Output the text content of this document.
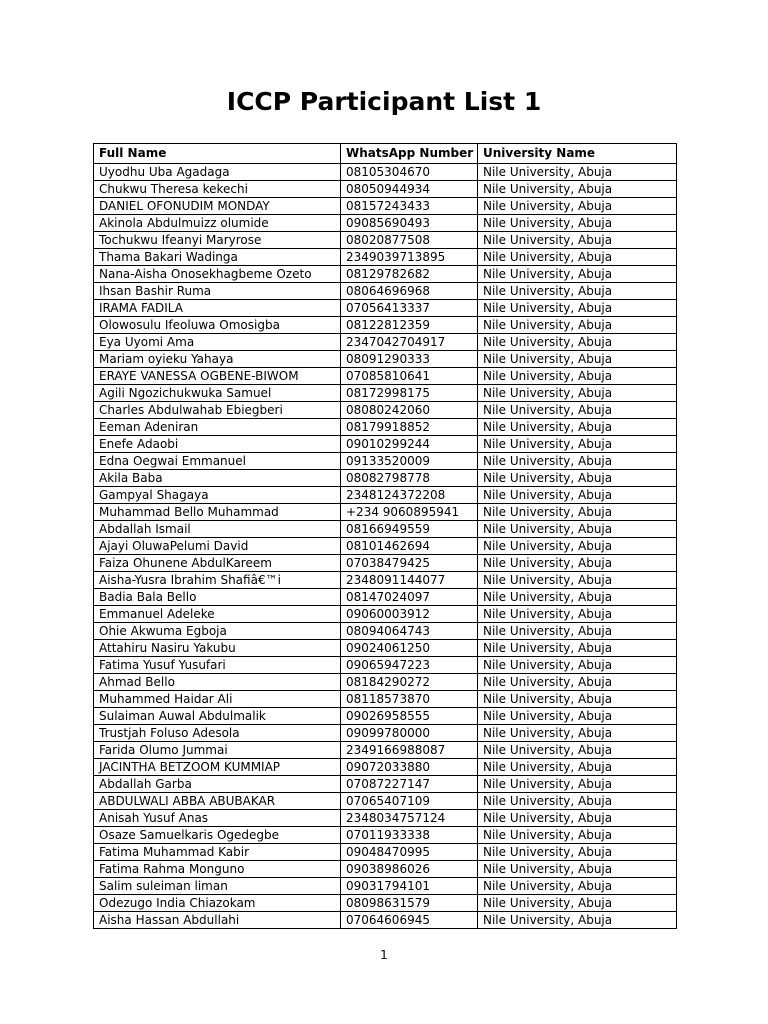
ICCP Participant List 1
Full Name	WhatsApp Number	University Name
Uyodhu Uba Agadaga	08105304670	Nile University, Abuja
Chukwu Theresa kekechi	08050944934	Nile University, Abuja
DANIEL OFONUDIM MONDAY	08157243433	Nile University, Abuja
Akinola Abdulmuizz olumide	09085690493	Nile University, Abuja
Tochukwu Ifeanyi Maryrose	08020877508	Nile University, Abuja
Thama Bakari Wadinga	2349039713895	Nile University, Abuja
Nana-Aisha Onosekhagbeme Ozeto	08129782682	Nile University, Abuja
Ihsan Bashir Ruma	08064696968	Nile University, Abuja
IRAMA FADILA	07056413337	Nile University, Abuja
Olowosulu Ifeoluwa Omosigba	08122812359	Nile University, Abuja
Eya Uyomi Ama	2347042704917	Nile University, Abuja
Mariam oyieku Yahaya	08091290333	Nile University, Abuja
ERAYE VANESSA OGBENE-BIWOM	07085810641	Nile University, Abuja
Agili Ngozichukwuka Samuel	08172998175	Nile University, Abuja
Charles Abdulwahab Ebiegberi	08080242060	Nile University, Abuja
Eeman Adeniran	08179918852	Nile University, Abuja
Enefe Adaobi	09010299244	Nile University, Abuja
Edna Oegwai Emmanuel	09133520009	Nile University, Abuja
Akila Baba	08082798778	Nile University, Abuja
Gampyal Shagaya	2348124372208	Nile University, Abuja
Muhammad Bello Muhammad	+234 9060895941	Nile University, Abuja
Abdallah Ismail	08166949559	Nile University, Abuja
Ajayi OluwaPelumi David	08101462694	Nile University, Abuja
Faiza Ohunene AbdulKareem	07038479425	Nile University, Abuja
Aisha-Yusra Ibrahim Shafiâ€™i	2348091144077	Nile University, Abuja
Badia Bala Bello	08147024097	Nile University, Abuja
Emmanuel Adeleke	09060003912	Nile University, Abuja
Ohie Akwuma Egboja	08094064743	Nile University, Abuja
Attahiru Nasiru Yakubu	09024061250	Nile University, Abuja
Fatima Yusuf Yusufari	09065947223	Nile University, Abuja
Ahmad Bello	08184290272	Nile University, Abuja
Muhammed Haidar Ali	08118573870	Nile University, Abuja
Sulaiman Auwal Abdulmalik	09026958555	Nile University, Abuja
Trustjah Foluso Adesola	09099780000	Nile University, Abuja
Farida Olumo Jummai	2349166988087	Nile University, Abuja
JACINTHA BETZOOM KUMMIAP	09072033880	Nile University, Abuja
Abdallah Garba	07087227147	Nile University, Abuja
ABDULWALI ABBA ABUBAKAR	07065407109	Nile University, Abuja
Anisah Yusuf Anas	2348034757124	Nile University, Abuja
Osaze Samuelkaris Ogedegbe	07011933338	Nile University, Abuja
Fatima Muhammad Kabir	09048470995	Nile University, Abuja
Fatima Rahma Monguno	09038986026	Nile University, Abuja
Salim suleiman liman	09031794101	Nile University, Abuja
Odezugo India Chiazokam	08098631579	Nile University, Abuja
Aisha Hassan Abdullahi	07064606945	Nile University, Abuja
1
